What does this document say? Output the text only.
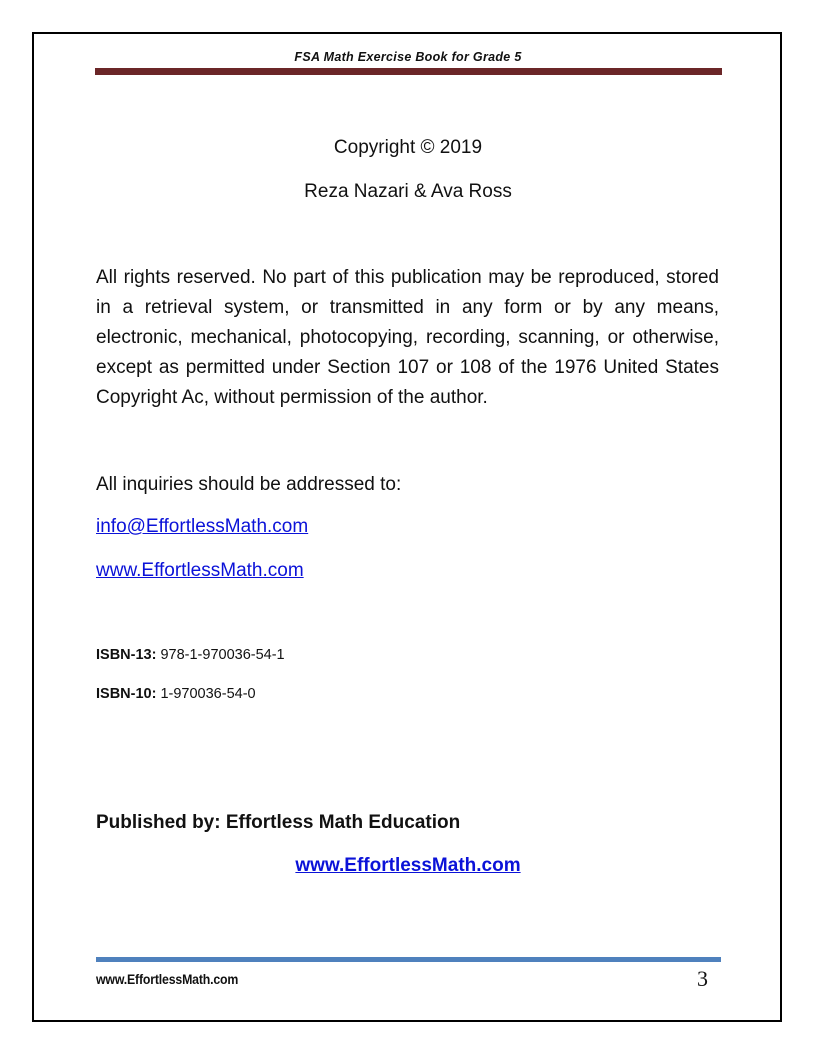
FSA Math Exercise Book for Grade 5
Copyright © 2019
Reza Nazari & Ava Ross

All rights reserved. No part of this publication may be reproduced, stored in a retrieval system, or transmitted in any form or by any means, electronic, mechanical, photocopying, recording, scanning, or otherwise, except as permitted under Section 107 or 108 of the 1976 United States Copyright Ac, without permission of the author.

All inquiries should be addressed to:
info@EffortlessMath.com
www.EffortlessMath.com
ISBN-13: 978-1-970036-54-1
ISBN-10: 1-970036-54-0
Published by: Effortless Math Education
www.EffortlessMath.com
www.EffortlessMath.com	3
